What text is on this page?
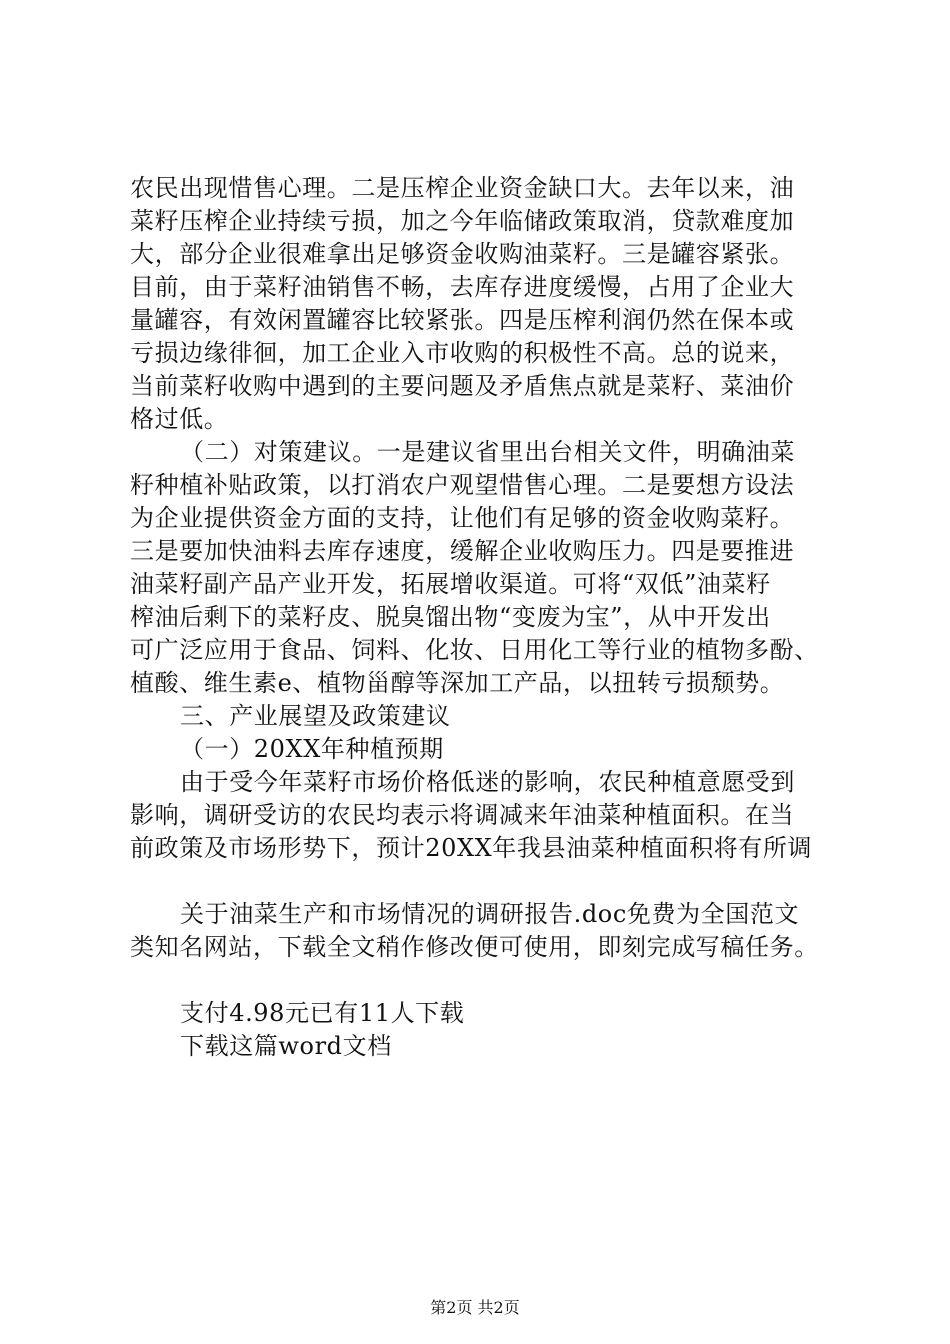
农民出现惜售心理。二是压榨企业资金缺口大。去年以来，油
菜籽压榨企业持续亏损，加之今年临储政策取消，贷款难度加
大，部分企业很难拿出足够资金收购油菜籽。三是罐容紧张。
目前，由于菜籽油销售不畅，去库存进度缓慢，占用了企业大
量罐容，有效闲置罐容比较紧张。四是压榨利润仍然在保本或
亏损边缘徘徊，加工企业入市收购的积极性不高。总的说来，
当前菜籽收购中遇到的主要问题及矛盾焦点就是菜籽、菜油价
格过低。
（二）对策建议。一是建议省里出台相关文件，明确油菜
籽种植补贴政策，以打消农户观望惜售心理。二是要想方设法
为企业提供资金方面的支持，让他们有足够的资金收购菜籽。
三是要加快油料去库存速度，缓解企业收购压力。四是要推进
油菜籽副产品产业开发，拓展增收渠道。可将“双低”油菜籽
榨油后剩下的菜籽皮、脱臭馏出物“变废为宝”，从中开发出
可广泛应用于食品、饲料、化妆、日用化工等行业的植物多酚、
植酸、维生素e、植物甾醇等深加工产品，以扭转亏损颓势。
三、产业展望及政策建议
（一）20XX年种植预期
由于受今年菜籽市场价格低迷的影响，农民种植意愿受到
影响，调研受访的农民均表示将调减来年油菜种植面积。在当
前政策及市场形势下，预计20XX年我县油菜种植面积将有所调
关于油菜生产和市场情况的调研报告.doc免费为全国范文
类知名网站，下载全文稍作修改便可使用，即刻完成写稿任务。
支付4.98元已有11人下载
下载这篇word文档
第2页 共2页
